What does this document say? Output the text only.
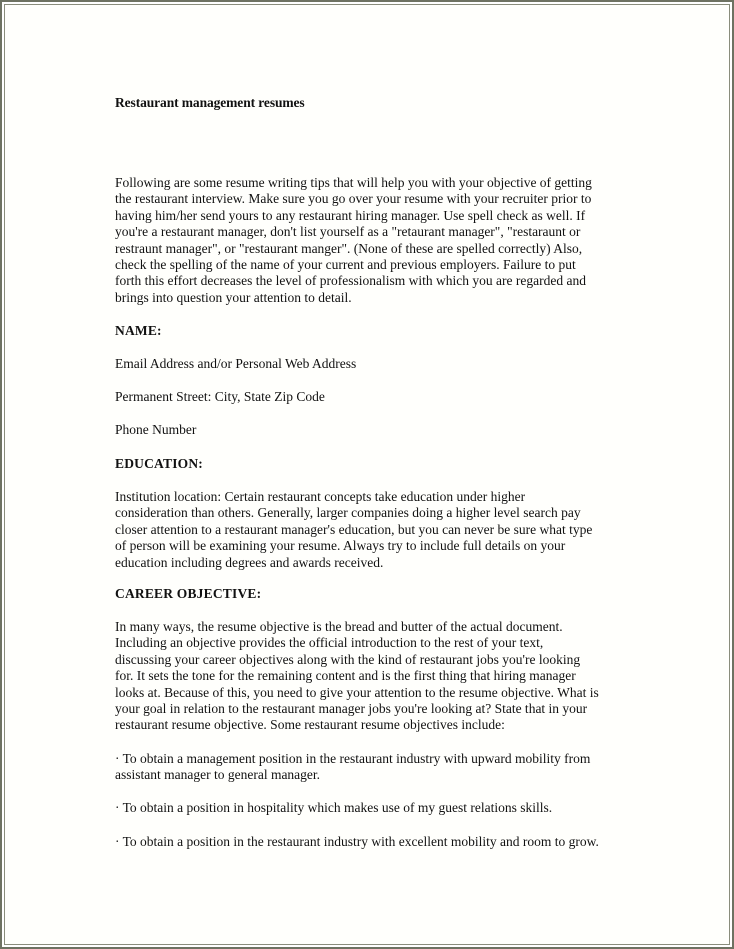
Restaurant management resumes
Following are some resume writing tips that will help you with your objective of getting
the restaurant interview. Make sure you go over your resume with your recruiter prior to
having him/her send yours to any restaurant hiring manager. Use spell check as well. If
you're a restaurant manager, don't list yourself as a "retaurant manager", "restaraunt or
restraunt manager", or "restaurant manger". (None of these are spelled correctly) Also,
check the spelling of the name of your current and previous employers. Failure to put
forth this effort decreases the level of professionalism with which you are regarded and
brings into question your attention to detail.
NAME:
Email Address and/or Personal Web Address
Permanent Street: City, State Zip Code
Phone Number
EDUCATION:
Institution location: Certain restaurant concepts take education under higher
consideration than others. Generally, larger companies doing a higher level search pay
closer attention to a restaurant manager's education, but you can never be sure what type
of person will be examining your resume. Always try to include full details on your
education including degrees and awards received.
CAREER OBJECTIVE:
In many ways, the resume objective is the bread and butter of the actual document.
Including an objective provides the official introduction to the rest of your text,
discussing your career objectives along with the kind of restaurant jobs you're looking
for. It sets the tone for the remaining content and is the first thing that hiring manager
looks at. Because of this, you need to give your attention to the resume objective. What is
your goal in relation to the restaurant manager jobs you're looking at? State that in your
restaurant resume objective. Some restaurant resume objectives include:
· To obtain a management position in the restaurant industry with upward mobility from
assistant manager to general manager.
· To obtain a position in hospitality which makes use of my guest relations skills.
· To obtain a position in the restaurant industry with excellent mobility and room to grow.
